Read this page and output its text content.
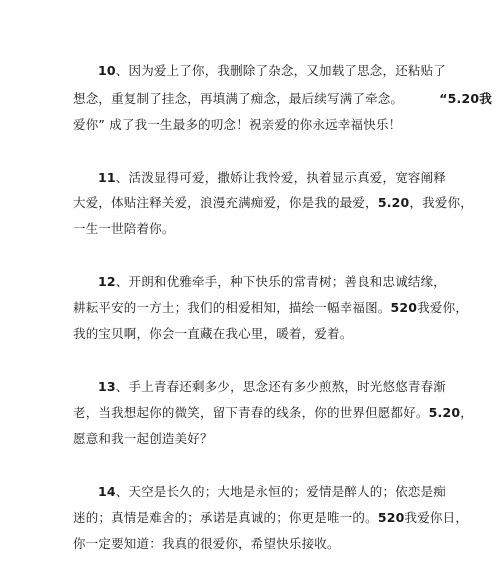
10、因为爱上了你，我删除了杂念，又加载了思念，还粘贴了
想念，重复制了挂念，再填满了痴念，最后续写满了牵念。	“5.20我
爱你” 成了我一生最多的叨念！祝亲爱的你永远幸福快乐！
11、活泼显得可爱，撒娇让我怜爱，执着显示真爱，宽容阐释
大爱，体贴注释关爱，浪漫充满痴爱，你是我的最爱，5.20，我爱你，
一生一世陪着你。
12、开朗和优雅牵手，种下快乐的常青树；善良和忠诚结缘，
耕耘平安的一方土；我们的相爱相知，描绘一幅幸福图。520我爱你，
我的宝贝啊，你会一直藏在我心里，暖着，爱着。
13、手上青春还剩多少，思念还有多少煎熬，时光悠悠青春渐
老，当我想起你的微笑，留下青春的线条，你的世界但愿都好。5.20，
愿意和我一起创造美好？
14、天空是长久的；大地是永恒的；爱情是醉人的；依恋是痴
迷的；真情是难舍的；承诺是真诚的；你更是唯一的。520我爱你日，
你一定要知道：我真的很爱你，希望快乐接收。
